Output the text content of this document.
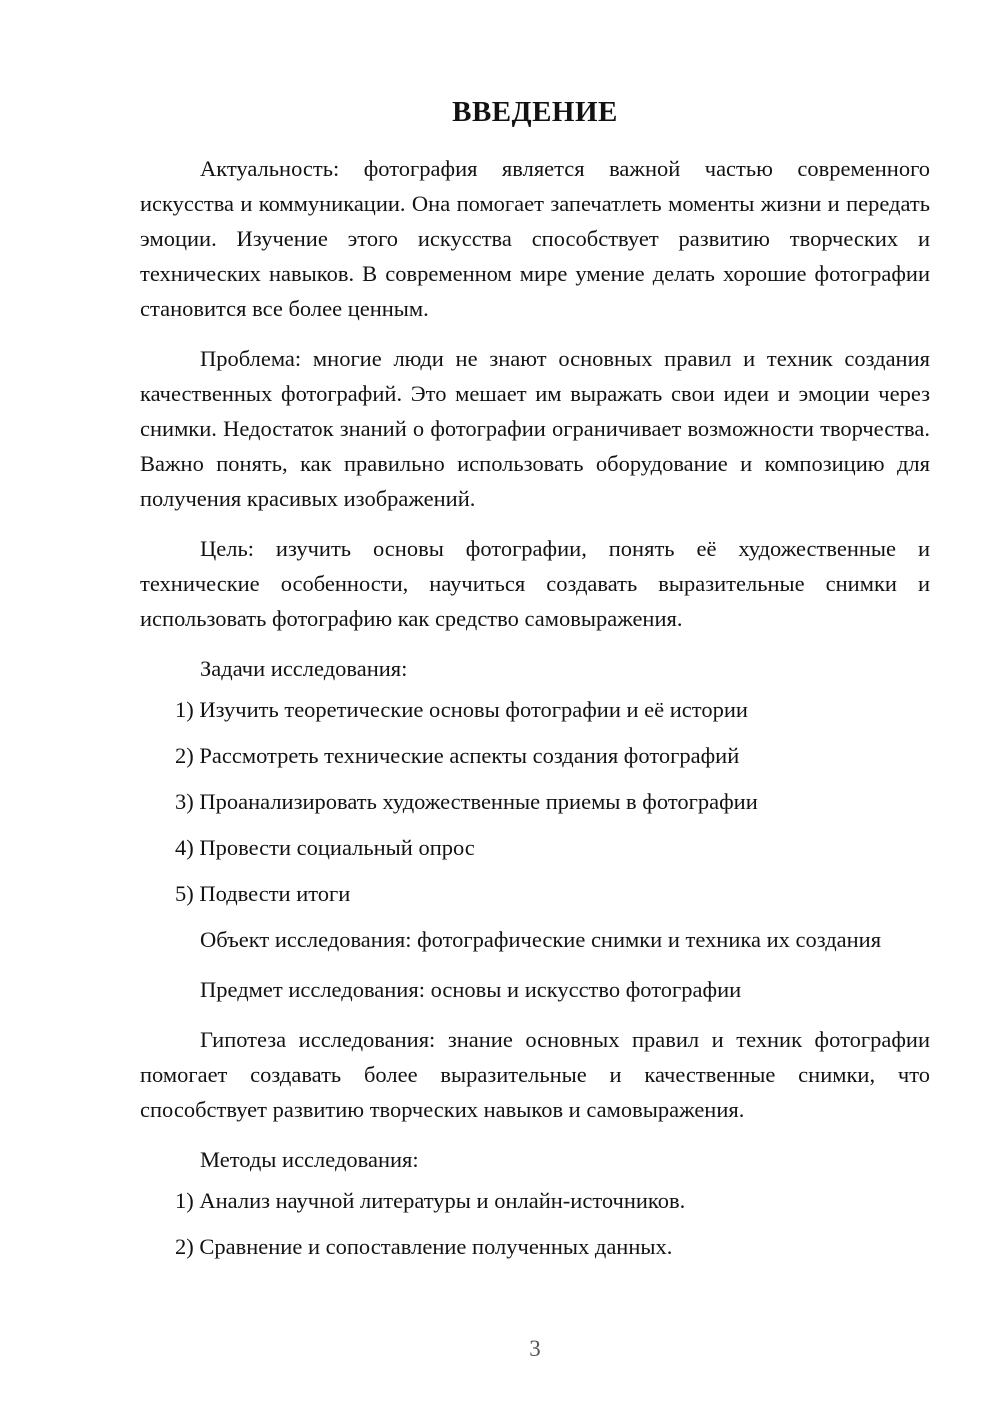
ВВЕДЕНИЕ

Актуальность: фотография является важной частью современного искусства и коммуникации. Она помогает запечатлеть моменты жизни и передать эмоции. Изучение этого искусства способствует развитию творческих и технических навыков. В современном мире умение делать хорошие фотографии становится все более ценным.

Проблема: многие люди не знают основных правил и техник создания качественных фотографий. Это мешает им выражать свои идеи и эмоции через снимки. Недостаток знаний о фотографии ограничивает возможности творчества. Важно понять, как правильно использовать оборудование и композицию для получения красивых изображений.

Цель: изучить основы фотографии, понять её художественные и технические особенности, научиться создавать выразительные снимки и использовать фотографию как средство самовыражения.

Задачи исследования:

1) Изучить теоретические основы фотографии и её истории
2) Рассмотреть технические аспекты создания фотографий
3) Проанализировать художественные приемы в фотографии
4) Провести социальный опрос
5) Подвести итоги

Объект исследования: фотографические снимки и техника их создания

Предмет исследования: основы и искусство фотографии

Гипотеза исследования: знание основных правил и техник фотографии помогает создавать более выразительные и качественные снимки, что способствует развитию творческих навыков и самовыражения.

Методы исследования:

1) Анализ научной литературы и онлайн-источников.
2) Сравнение и сопоставление полученных данных.
3
